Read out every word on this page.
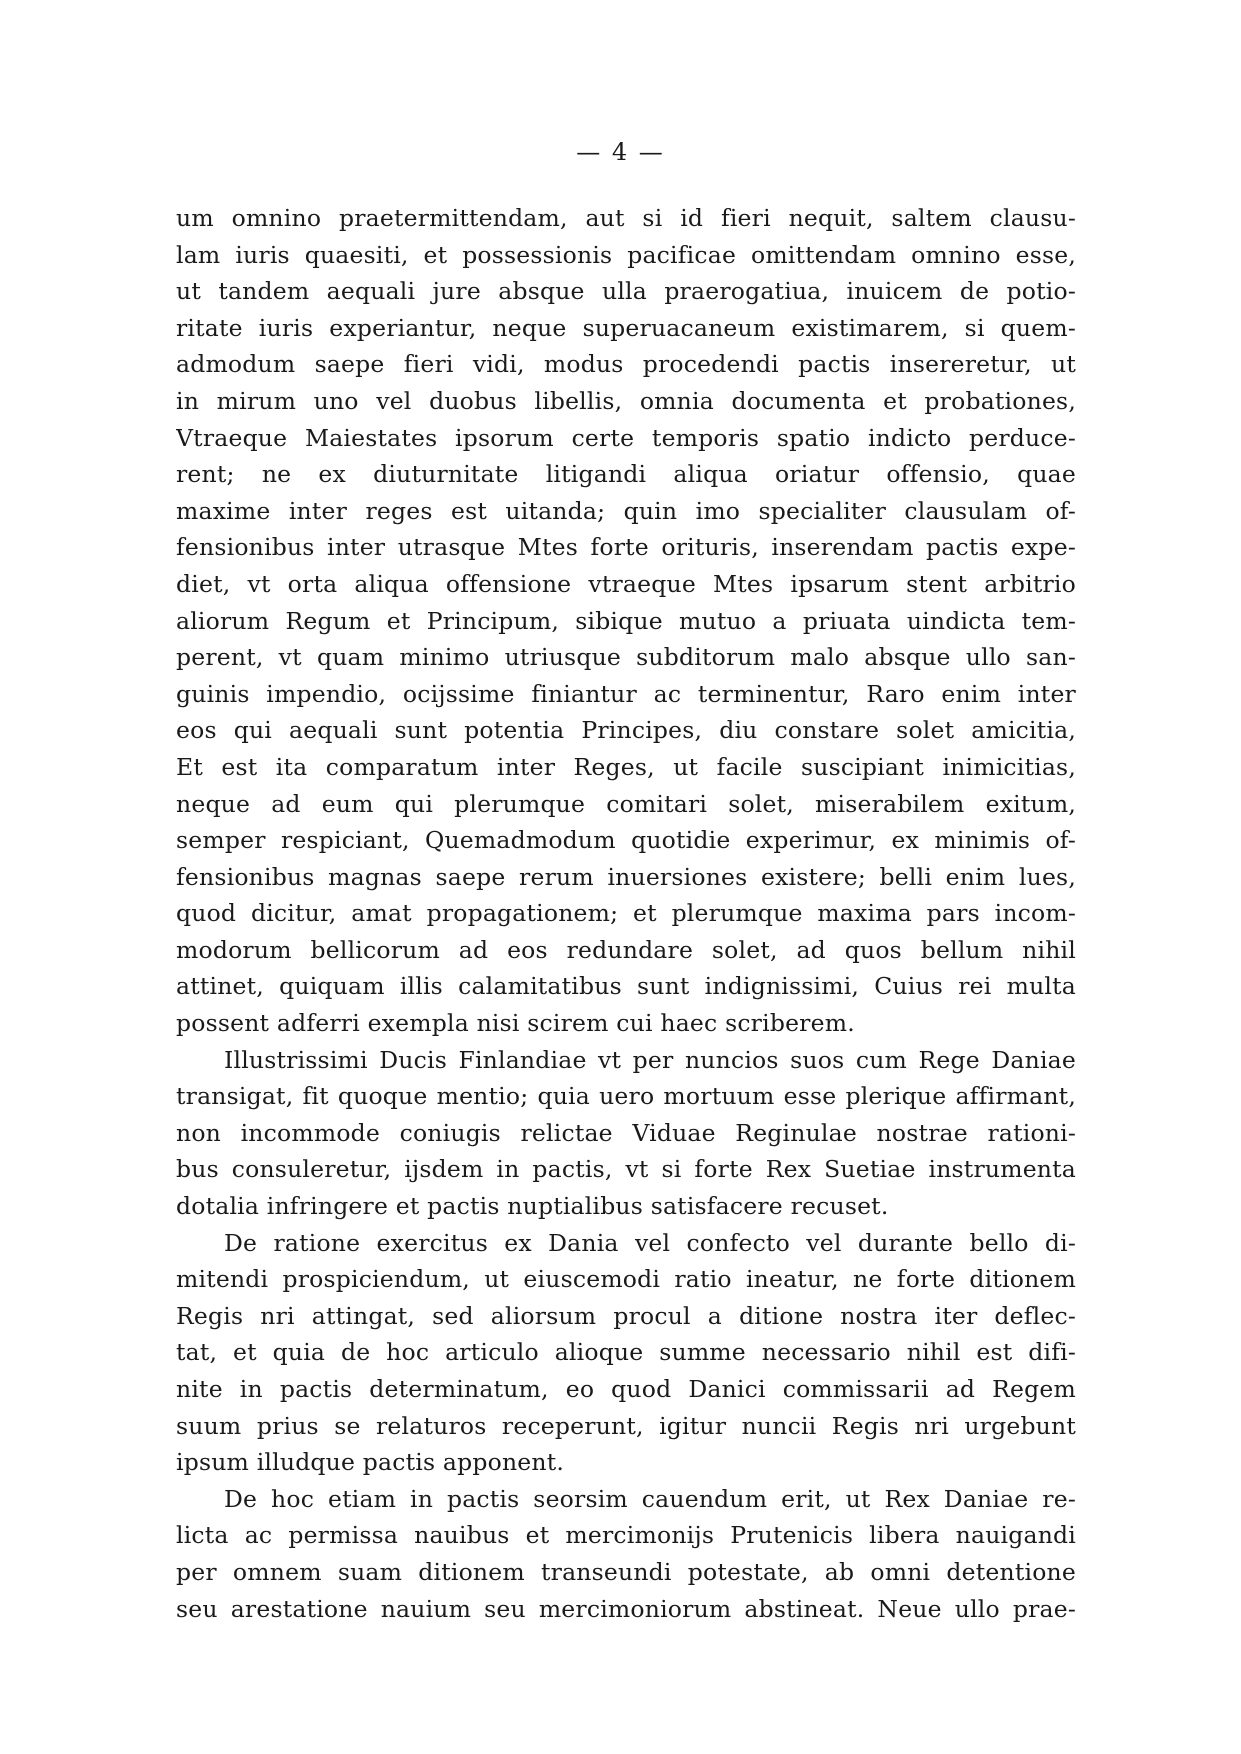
— 4 —
um omnino praetermittendam, aut si id fieri nequit, saltem clausu-
lam iuris quaesiti, et possessionis pacificae omittendam omnino esse,
ut tandem aequali jure absque ulla praerogatiua, inuicem de potio-
ritate iuris experiantur, neque superuacaneum existimarem, si quem-
admodum saepe fieri vidi, modus procedendi pactis insereretur, ut
in mirum uno vel duobus libellis, omnia documenta et probationes,
Vtraeque Maiestates ipsorum certe temporis spatio indicto perduce-
rent; ne ex diuturnitate litigandi aliqua oriatur offensio, quae
maxime inter reges est uitanda; quin imo specialiter clausulam of-
fensionibus inter utrasque Mtes forte orituris, inserendam pactis expe-
diet, vt orta aliqua offensione vtraeque Mtes ipsarum stent arbitrio
aliorum Regum et Principum, sibique mutuo a priuata uindicta tem-
perent, vt quam minimo utriusque subditorum malo absque ullo san-
guinis impendio, ocijssime finiantur ac terminentur, Raro enim inter
eos qui aequali sunt potentia Principes, diu constare solet amicitia,
Et est ita comparatum inter Reges, ut facile suscipiant inimicitias,
neque ad eum qui plerumque comitari solet, miserabilem exitum,
semper respiciant, Quemadmodum quotidie experimur, ex minimis of-
fensionibus magnas saepe rerum inuersiones existere; belli enim lues,
quod dicitur, amat propagationem; et plerumque maxima pars incom-
modorum bellicorum ad eos redundare solet, ad quos bellum nihil
attinet, quiquam illis calamitatibus sunt indignissimi, Cuius rei multa
possent adferri exempla nisi scirem cui haec scriberem.
Illustrissimi Ducis Finlandiae vt per nuncios suos cum Rege Daniae
transigat, fit quoque mentio; quia uero mortuum esse plerique affirmant,
non incommode coniugis relictae Viduae Reginulae nostrae rationi-
bus consuleretur, ijsdem in pactis, vt si forte Rex Suetiae instrumenta
dotalia infringere et pactis nuptialibus satisfacere recuset.
De ratione exercitus ex Dania vel confecto vel durante bello di-
mitendi prospiciendum, ut eiuscemodi ratio ineatur, ne forte ditionem
Regis nri attingat, sed aliorsum procul a ditione nostra iter deflec-
tat, et quia de hoc articulo alioque summe necessario nihil est difi-
nite in pactis determinatum, eo quod Danici commissarii ad Regem
suum prius se relaturos receperunt, igitur nuncii Regis nri urgebunt
ipsum illudque pactis apponent.
De hoc etiam in pactis seorsim cauendum erit, ut Rex Daniae re-
licta ac permissa nauibus et mercimonijs Prutenicis libera nauigandi
per omnem suam ditionem transeundi potestate, ab omni detentione
seu arestatione nauium seu mercimoniorum abstineat. Neue ullo prae-
